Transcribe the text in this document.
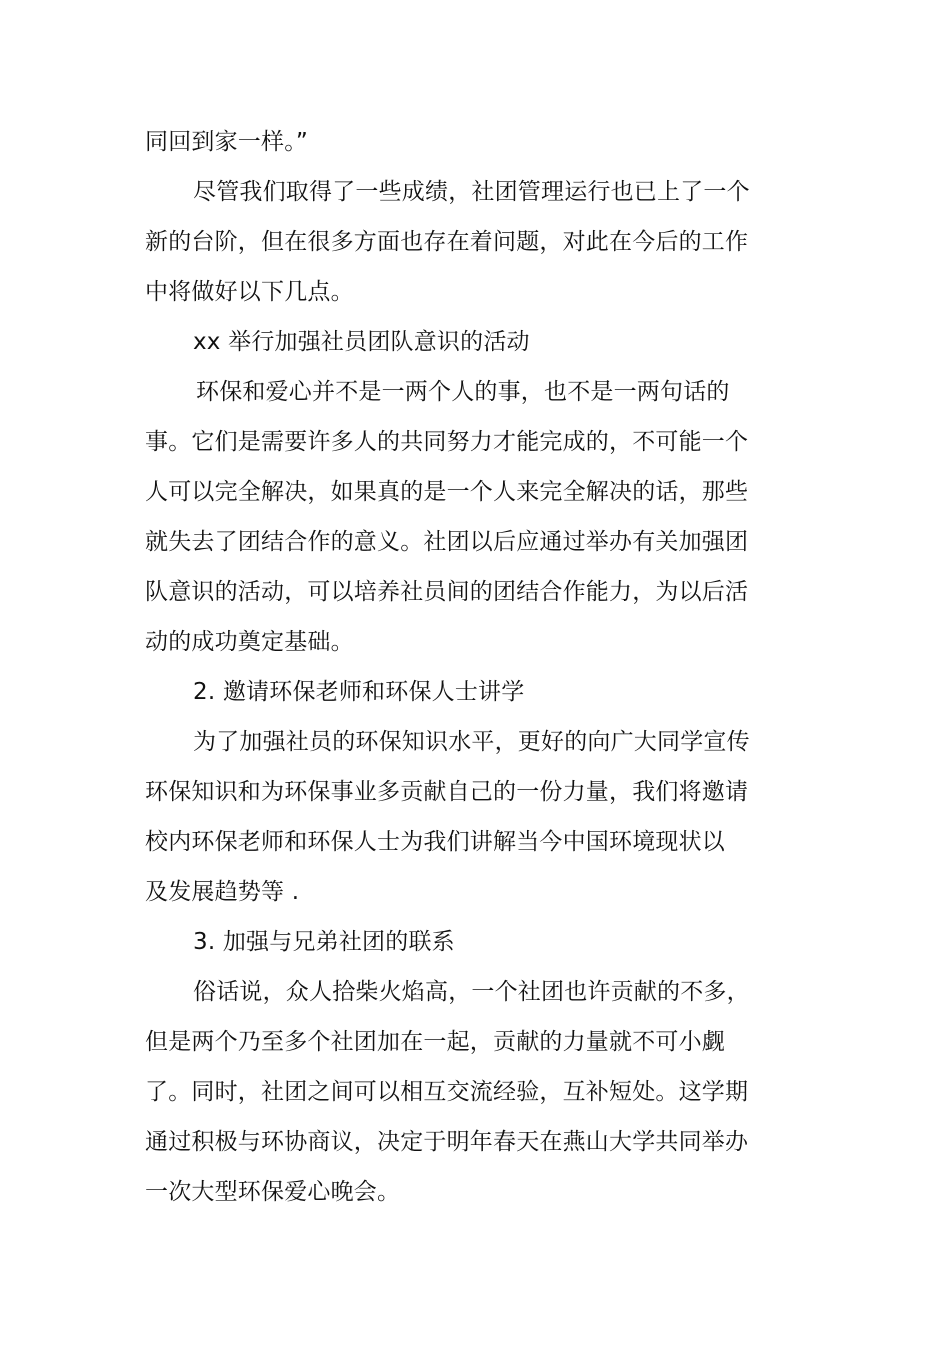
同回到家一样。”
尽管我们取得了一些成绩，社团管理运行也已上了一个
新的台阶，但在很多方面也存在着问题，对此在今后的工作
中将做好以下几点。
xx 举行加强社员团队意识的活动
环保和爱心并不是一两个人的事，也不是一两句话的
事。它们是需要许多人的共同努力才能完成的，不可能一个
人可以完全解决，如果真的是一个人来完全解决的话，那些
就失去了团结合作的意义。社团以后应通过举办有关加强团
队意识的活动，可以培养社员间的团结合作能力，为以后活
动的成功奠定基础。
2. 邀请环保老师和环保人士讲学
为了加强社员的环保知识水平，更好的向广大同学宣传
环保知识和为环保事业多贡献自己的一份力量，我们将邀请
校内环保老师和环保人士为我们讲解当今中国环境现状以
及发展趋势等 .
3. 加强与兄弟社团的联系
俗话说，众人拾柴火焰高，一个社团也许贡献的不多，
但是两个乃至多个社团加在一起，贡献的力量就不可小觑
了。同时，社团之间可以相互交流经验，互补短处。这学期
通过积极与环协商议，决定于明年春天在燕山大学共同举办
一次大型环保爱心晚会。
